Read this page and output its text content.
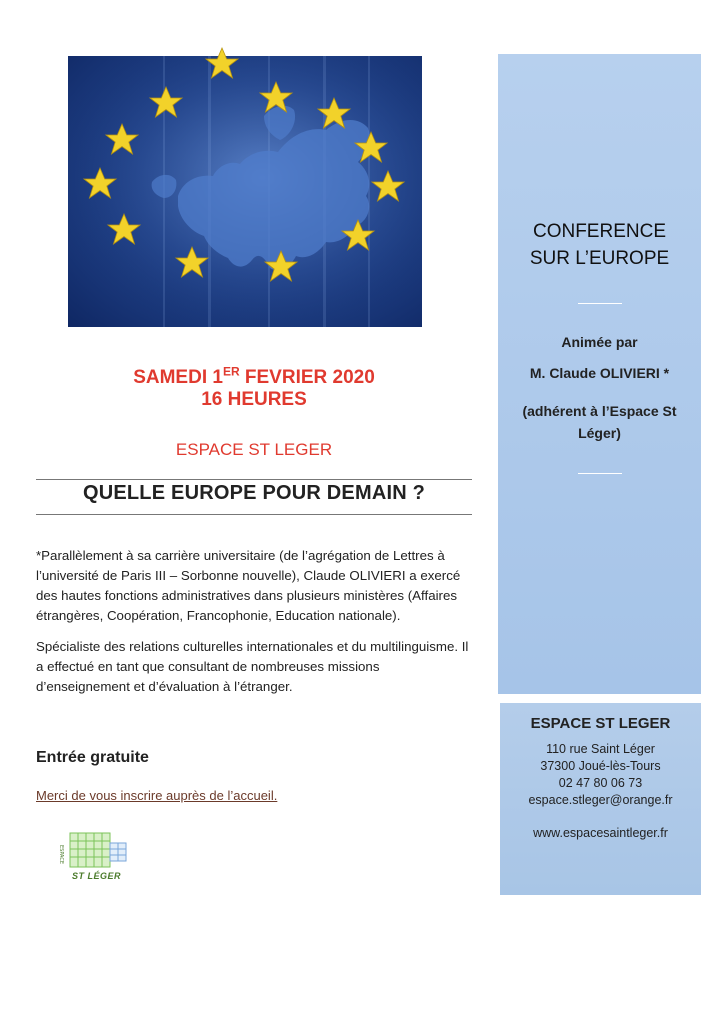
SAMEDI 1ER FEVRIER 2020
16 HEURES
ESPACE ST LEGER
QUELLE EUROPE POUR DEMAIN ?

*Parallèlement à sa carrière universitaire (de l’agrégation de Lettres à l’université de Paris III – Sorbonne nouvelle), Claude OLIVIERI a exercé des hautes fonctions administratives dans plusieurs ministères (Affaires étrangères, Coopération, Francophonie, Education nationale).

Spécialiste des relations culturelles internationales et du multilinguisme. Il a effectué en tant que consultant de nombreuses missions d’enseignement et d’évaluation à l’étranger.

Entrée gratuite
Merci de vous inscrire auprès de l’accueil.
ESPACE
ST LÉGER
CONFERENCE
SUR L’EUROPE
Animée par
M. Claude OLIVIERI *
(adhérent à l’Espace St Léger)
ESPACE ST LEGER
110 rue Saint Léger
37300 Joué-lès-Tours
02 47 80 06 73
espace.stleger@orange.fr
www.espacesaintleger.fr
